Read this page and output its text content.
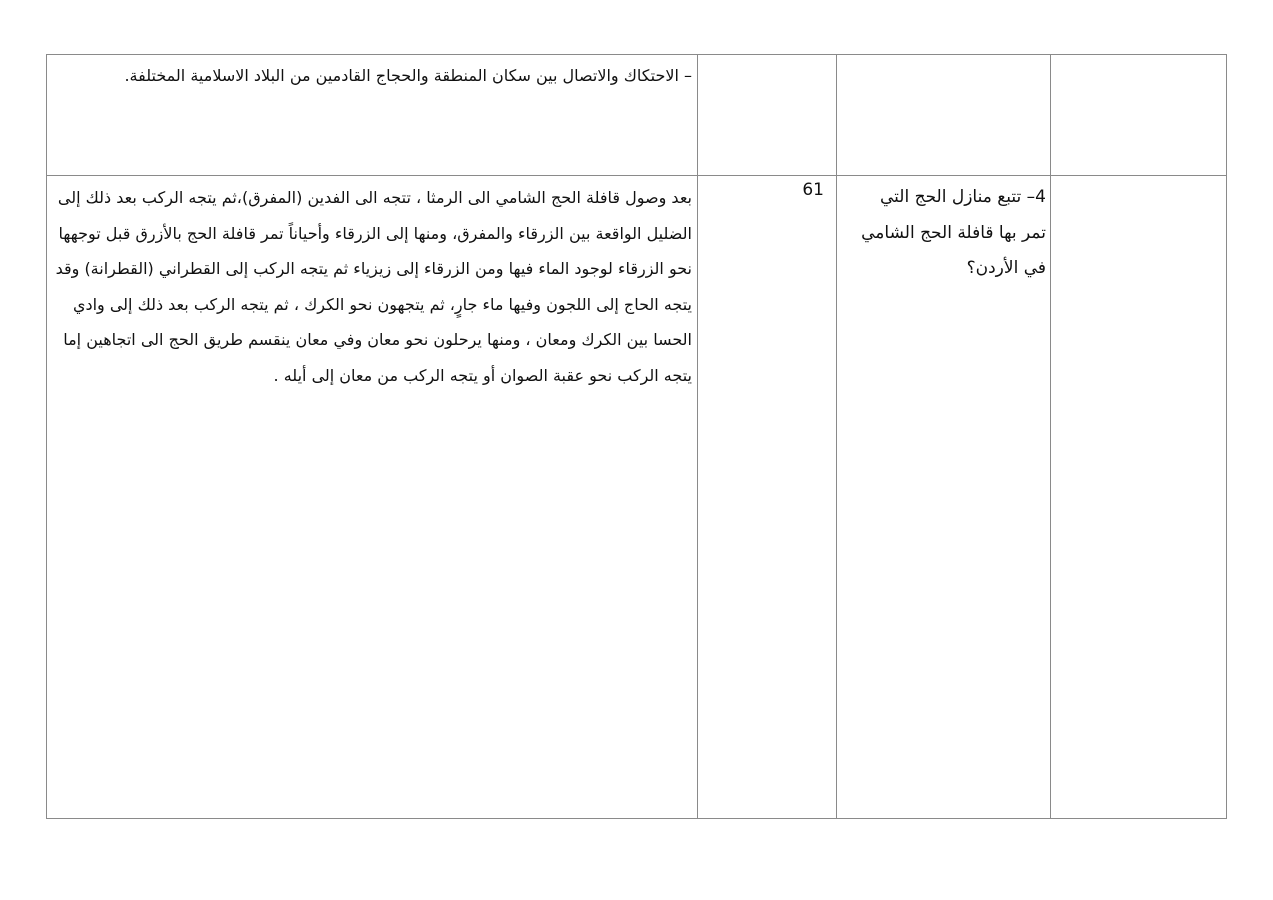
– الاحتكاك والاتصال بين سكان المنطقة والحجاج القادمين من البلاد الاسلامية المختلفة.

بعد وصول قافلة الحج الشامي الى الرمثا ، تتجه الى الفدين (المفرق)،ثم يتجه الركب بعد ذلك إلى الضليل الواقعة بين الزرقاء والمفرق، ومنها إلى الزرقاء وأحياناً تمر قافلة الحج بالأزرق قبل توجهها نحو الزرقاء لوجود الماء فيها ومن الزرقاء إلى زيزياء ثم يتجه الركب إلى القطراني (القطرانة) وقد يتجه الحاج إلى اللجون وفيها ماء جارٍ، ثم يتجهون نحو الكرك ، ثم يتجه الركب بعد ذلك إلى وادي الحسا بين الكرك ومعان ، ومنها يرحلون نحو معان وفي معان ينقسم طريق الحج الى اتجاهين إما يتجه الركب نحو عقبة الصوان أو يتجه الركب من معان إلى أيله .

61	4– تتبع منازل الحج التي تمر بها قافلة الحج الشامي في الأردن؟
